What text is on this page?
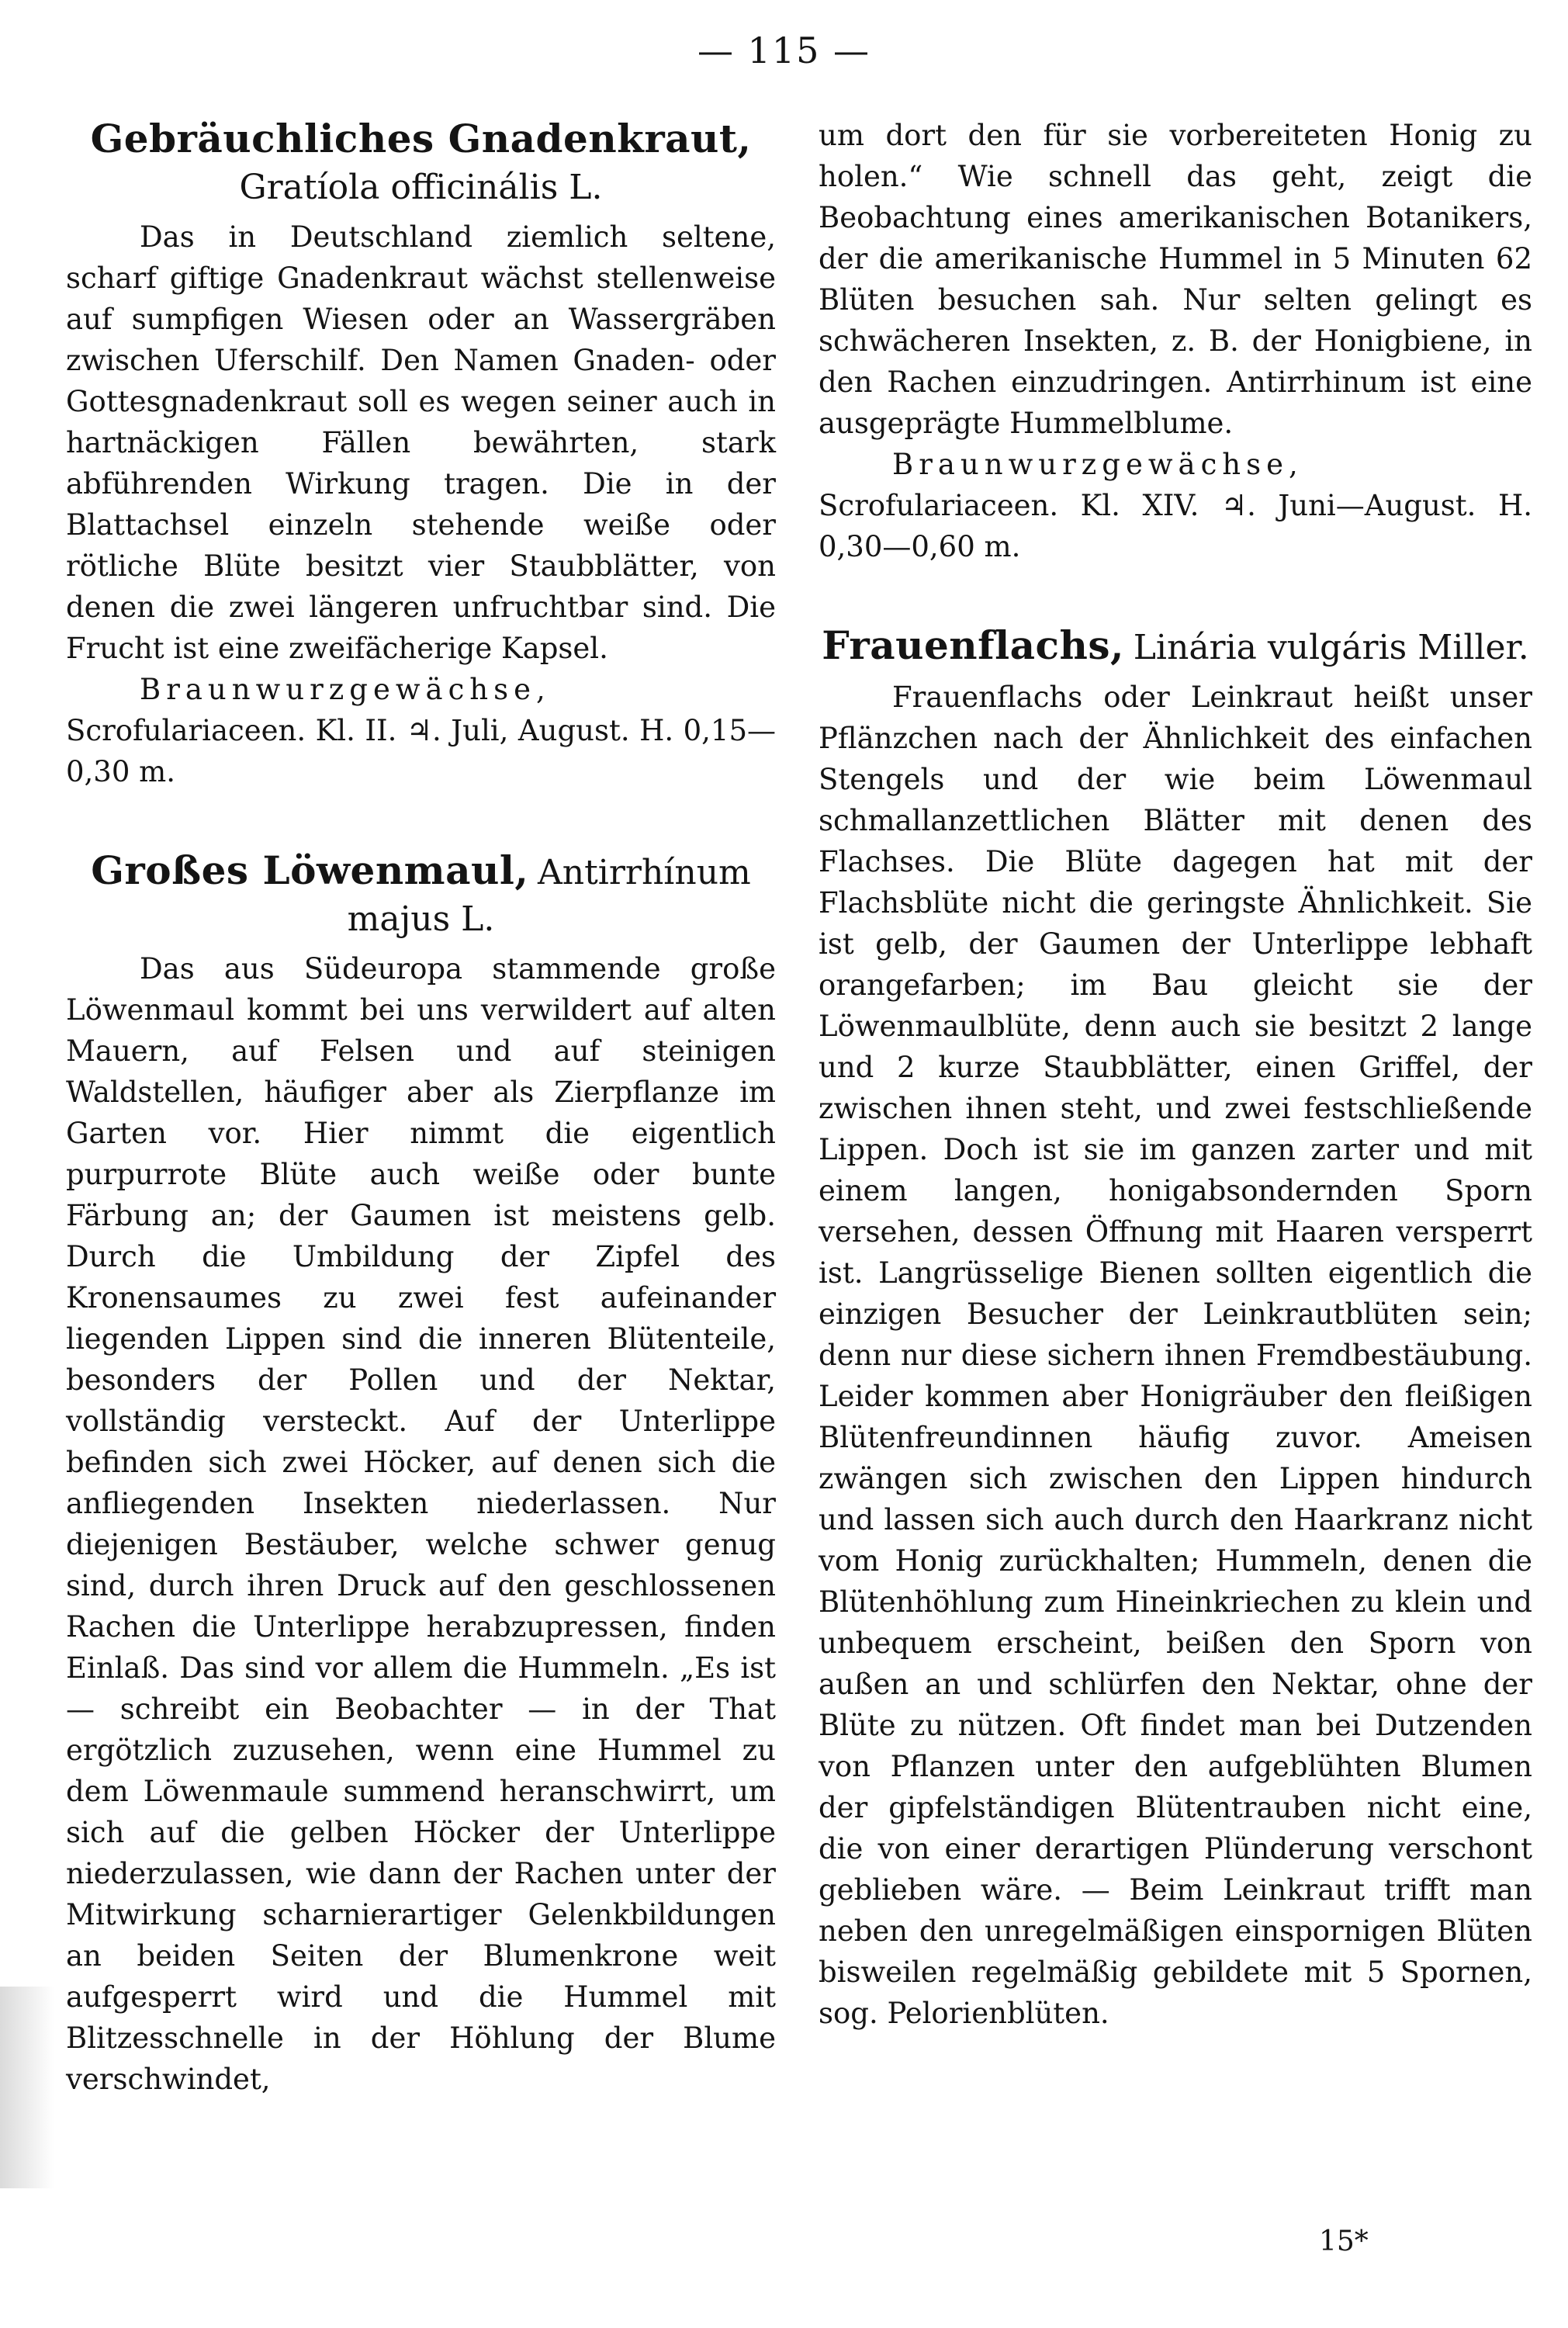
— 115 —
Gebräuchliches Gnadenkraut, Gratíola officinális L.

Das in Deutschland ziemlich seltene, scharf giftige Gnadenkraut wächst stellenweise auf sumpfigen Wiesen oder an Wassergräben zwischen Uferschilf. Den Namen Gnaden- oder Gottesgnadenkraut soll es wegen seiner auch in hartnäckigen Fällen bewährten, stark abführenden Wirkung tragen. Die in der Blattachsel einzeln stehende weiße oder rötliche Blüte besitzt vier Staubblätter, von denen die zwei längeren unfruchtbar sind. Die Frucht ist eine zweifächerige Kapsel.

Braunwurzgewächse, Scrofulariaceen. Kl. II. ♃. Juli, August. H. 0,15—0,30 m.

Großes Löwenmaul, Antirrhínum majus L.

Das aus Südeuropa stammende große Löwenmaul kommt bei uns verwildert auf alten Mauern, auf Felsen und auf steinigen Waldstellen, häufiger aber als Zierpflanze im Garten vor. Hier nimmt die eigentlich purpurrote Blüte auch weiße oder bunte Färbung an; der Gaumen ist meistens gelb. Durch die Umbildung der Zipfel des Kronensaumes zu zwei fest aufeinander liegenden Lippen sind die inneren Blütenteile, besonders der Pollen und der Nektar, vollständig versteckt. Auf der Unterlippe befinden sich zwei Höcker, auf denen sich die anfliegenden Insekten niederlassen. Nur diejenigen Bestäuber, welche schwer genug sind, durch ihren Druck auf den geschlossenen Rachen die Unterlippe herabzupressen, finden Einlaß. Das sind vor allem die Hummeln. „Es ist — schreibt ein Beobachter — in der That ergötzlich zuzusehen, wenn eine Hummel zu dem Löwenmaule summend heranschwirrt, um sich auf die gelben Höcker der Unterlippe niederzulassen, wie dann der Rachen unter der Mitwirkung scharnierartiger Gelenkbildungen an beiden Seiten der Blumenkrone weit aufgesperrt wird und die Hummel mit Blitzesschnelle in der Höhlung der Blume verschwindet,

um dort den für sie vorbereiteten Honig zu holen.“ Wie schnell das geht, zeigt die Beobachtung eines amerikanischen Botanikers, der die amerikanische Hummel in 5 Minuten 62 Blüten besuchen sah. Nur selten gelingt es schwächeren Insekten, z. B. der Honigbiene, in den Rachen einzudringen. Antirrhinum ist eine ausgeprägte Hummelblume.

Braunwurzgewächse, Scrofulariaceen. Kl. XIV. ♃. Juni—August. H. 0,30—0,60 m.

Frauenflachs, Linária vulgáris Miller.

Frauenflachs oder Leinkraut heißt unser Pflänzchen nach der Ähnlichkeit des einfachen Stengels und der wie beim Löwenmaul schmallanzettlichen Blätter mit denen des Flachses. Die Blüte dagegen hat mit der Flachsblüte nicht die geringste Ähnlichkeit. Sie ist gelb, der Gaumen der Unterlippe lebhaft orangefarben; im Bau gleicht sie der Löwenmaulblüte, denn auch sie besitzt 2 lange und 2 kurze Staubblätter, einen Griffel, der zwischen ihnen steht, und zwei festschließende Lippen. Doch ist sie im ganzen zarter und mit einem langen, honigabsondernden Sporn versehen, dessen Öffnung mit Haaren versperrt ist. Langrüsselige Bienen sollten eigentlich die einzigen Besucher der Leinkrautblüten sein; denn nur diese sichern ihnen Fremdbestäubung. Leider kommen aber Honigräuber den fleißigen Blütenfreundinnen häufig zuvor. Ameisen zwängen sich zwischen den Lippen hindurch und lassen sich auch durch den Haarkranz nicht vom Honig zurückhalten; Hummeln, denen die Blütenhöhlung zum Hineinkriechen zu klein und unbequem erscheint, beißen den Sporn von außen an und schlürfen den Nektar, ohne der Blüte zu nützen. Oft findet man bei Dutzenden von Pflanzen unter den aufgeblühten Blumen der gipfelständigen Blütentrauben nicht eine, die von einer derartigen Plünderung verschont geblieben wäre. — Beim Leinkraut trifft man neben den unregelmäßigen einspornigen Blüten bisweilen regelmäßig gebildete mit 5 Spornen, sog. Pelorienblüten.

15*
